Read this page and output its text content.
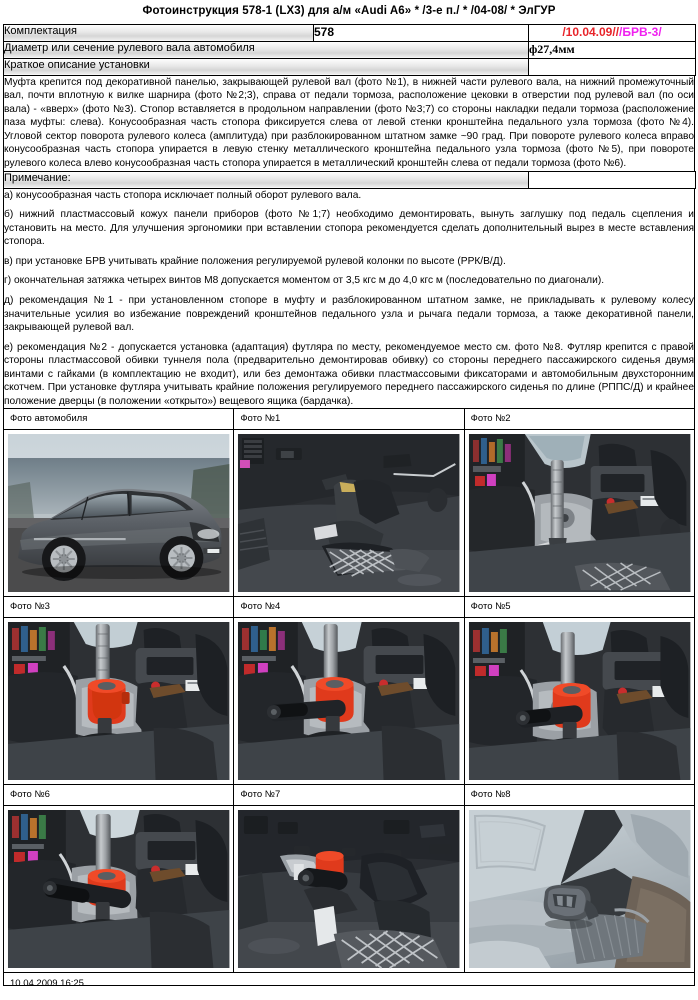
Фотоинструкция 578-1 (LX3) для а/м «Audi A6» * /3-е п./ * /04-08/ * ЭлГУР
Комплектация	578	/10.04.09///БРВ-3/
Диаметр или сечение рулевого вала автомобиля		ф27,4мм
Краткое описание установки		

Муфта крепится под декоративной панелью, закрывающей рулевой вал (фото №1), в нижней части рулевого вала, на нижний промежуточный вал, почти вплотную к вилке шарнира (фото №2;3), справа от педали тормоза, расположение цековки в отверстии под рулевой вал (по оси вала) - «вверх» (фото №3). Стопор вставляется в продольном направлении (фото №3;7) со стороны накладки педали тормоза (расположение паза муфты: слева). Конусообразная часть стопора фиксируется слева от левой стенки кронштейна педального узла тормоза (фото №4). Угловой сектор поворота рулевого колеса (амплитуда) при разблокированном штатном замке ~90 град. При повороте рулевого колеса вправо конусообразная часть стопора упирается в левую стенку металлического кронштейна педального узла тормоза (фото №5), при повороте рулевого колеса влево конусообразная часть стопора упирается в металлический кронштейн слева от педали тормоза (фото №6).

Примечание:	

а) конусообразная часть стопора исключает полный оборот рулевого вала.

б) нижний пластмассовый кожух панели приборов (фото №1;7) необходимо демонтировать, вынуть заглушку под педаль сцепления и установить на место. Для улучшения эргономики при вставлении стопора рекомендуется сделать дополнительный вырез в месте вставления стопора.

в) при установке БРВ учитывать крайние положения регулируемой рулевой колонки по высоте (РРК/В/Д).

г) окончательная затяжка четырех винтов М8 допускается моментом от 3,5 кгс м до 4,0 кгс м (последовательно по диагонали).

д) рекомендация №1 - при установленном стопоре в муфту и разблокированном штатном замке, не прикладывать к рулевому колесу значительные усилия во избежание повреждений кронштейнов педального узла и рычага педали тормоза, а также декоративной панели, закрывающей рулевой вал.

е) рекомендация №2 - допускается установка (адаптация) футляра по месту, рекомендуемое место см. фото №8. Футляр крепится с правой стороны пластмассовой обивки туннеля пола (предварительно демонтировав обивку) со стороны переднего пассажирского сиденья двумя винтами с гайками (в комплектацию не входит), или без демонтажа обивки пластмассовыми фиксаторами и автомобильным двухсторонним скотчем. При установке футляра учитывать крайние положения регулируемого переднего пассажирского сиденья по длине (РППС/Д) и крайнее положение дверцы (в положении «открыто») вещевого ящика (бардачка).

Фото автомобиля	Фото №1	Фото №2

Фото №3	Фото №4	Фото №5

Фото №6	Фото №7	Фото №8
10.04.2009 16:25
